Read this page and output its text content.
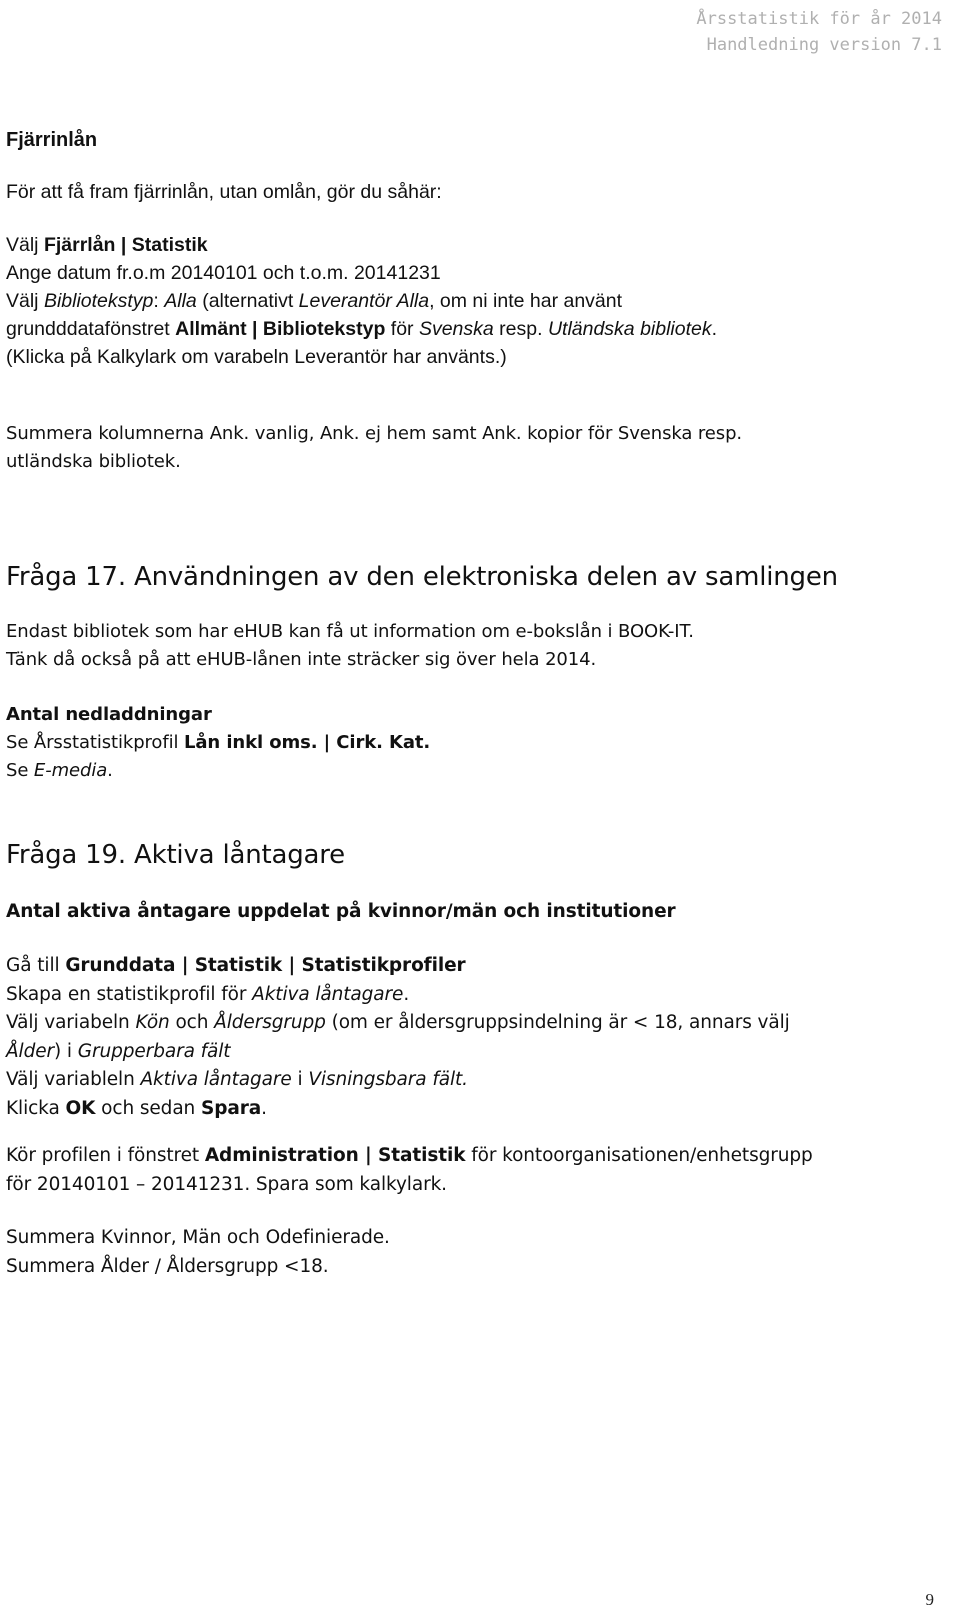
Årsstatistik för år 2014
Handledning version 7.1
Fjärrinlån
För att få fram fjärrinlån, utan omlån, gör du såhär:
Välj Fjärrlån | Statistik
Ange datum fr.o.m 20140101 och t.o.m. 20141231
Välj Bibliotekstyp: Alla (alternativt Leverantör Alla, om ni inte har använt
grundddatafönstret Allmänt | Bibliotekstyp för Svenska resp. Utländska bibliotek.
(Klicka på Kalkylark om varabeln Leverantör har använts.)
Summera kolumnerna Ank. vanlig, Ank. ej hem samt Ank. kopior för Svenska resp.
utländska bibliotek.
Fråga 17. Användningen av den elektroniska delen av samlingen
Endast bibliotek som har eHUB kan få ut information om e-bokslån i BOOK-IT.
Tänk då också på att eHUB-lånen inte sträcker sig över hela 2014.
Antal nedladdningar
Se Årsstatistikprofil Lån inkl oms. | Cirk. Kat.
Se E-media.
Fråga 19. Aktiva låntagare
Antal aktiva åntagare uppdelat på kvinnor/män och institutioner
Gå till Grunddata | Statistik | Statistikprofiler
Skapa en statistikprofil för Aktiva låntagare.
Välj variabeln Kön och Åldersgrupp (om er åldersgruppsindelning är < 18, annars välj
Ålder) i Grupperbara fält
Välj variableln Aktiva låntagare i Visningsbara fält.
Klicka OK och sedan Spara.
Kör profilen i fönstret Administration | Statistik för kontoorganisationen/enhetsgrupp
för 20140101 – 20141231. Spara som kalkylark.
Summera Kvinnor, Män och Odefinierade.
Summera Ålder / Åldersgrupp <18.
9
